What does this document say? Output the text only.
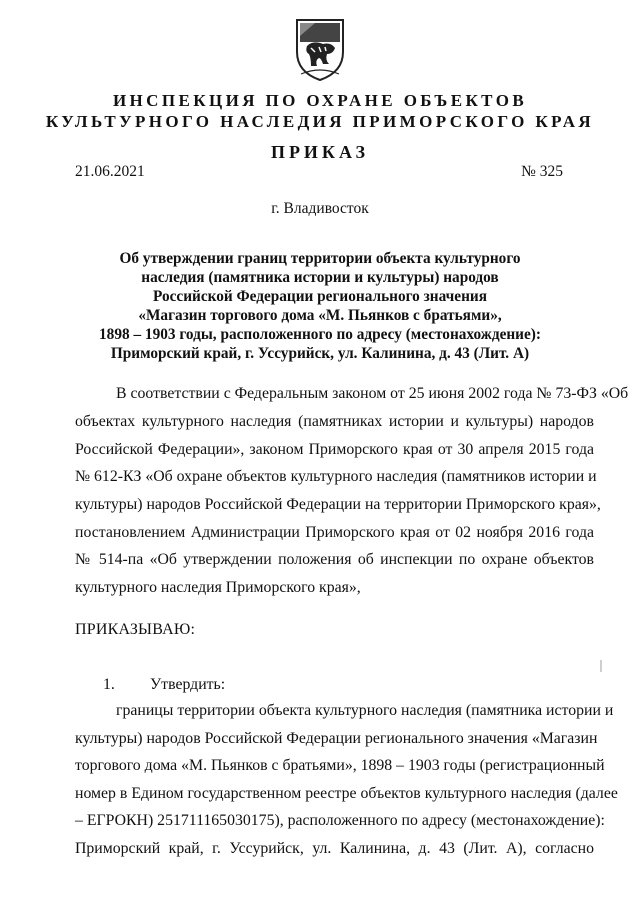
ИНСПЕКЦИЯ ПО ОХРАНЕ ОБЪЕКТОВ
КУЛЬТУРНОГО НАСЛЕДИЯ ПРИМОРСКОГО КРАЯ
ПРИКАЗ
21.06.2021	№ 325
г. Владивосток
Об утверждении границ территории объекта культурного
наследия (памятника истории и культуры) народов
Российской Федерации регионального значения
«Магазин торгового дома «М. Пьянков с братьями»,
1898 – 1903 годы, расположенного по адресу (местонахождение):
Приморский край, г. Уссурийск, ул. Калинина, д. 43 (Лит. А)
В соответствии с Федеральным законом от 25 июня 2002 года № 73-ФЗ «Об
объектах культурного наследия (памятниках истории и культуры) народов
Российской Федерации», законом Приморского края от 30 апреля 2015 года
№ 612-КЗ «Об охране объектов культурного наследия (памятников истории и
культуры) народов Российской Федерации на территории Приморского края»,
постановлением Администрации Приморского края от 02 ноября 2016 года
№ 514-па «Об утверждении положения об инспекции по охране объектов
культурного наследия Приморского края»,
ПРИКАЗЫВАЮ:
1. Утвердить:
границы территории объекта культурного наследия (памятника истории и
культуры) народов Российской Федерации регионального значения «Магазин
торгового дома «М. Пьянков с братьями», 1898 – 1903 годы (регистрационный
номер в Едином государственном реестре объектов культурного наследия (далее
– ЕГРОКН) 251711165030175), расположенного по адресу (местонахождение):
Приморский край, г. Уссурийск, ул. Калинина, д. 43 (Лит. А), согласно
